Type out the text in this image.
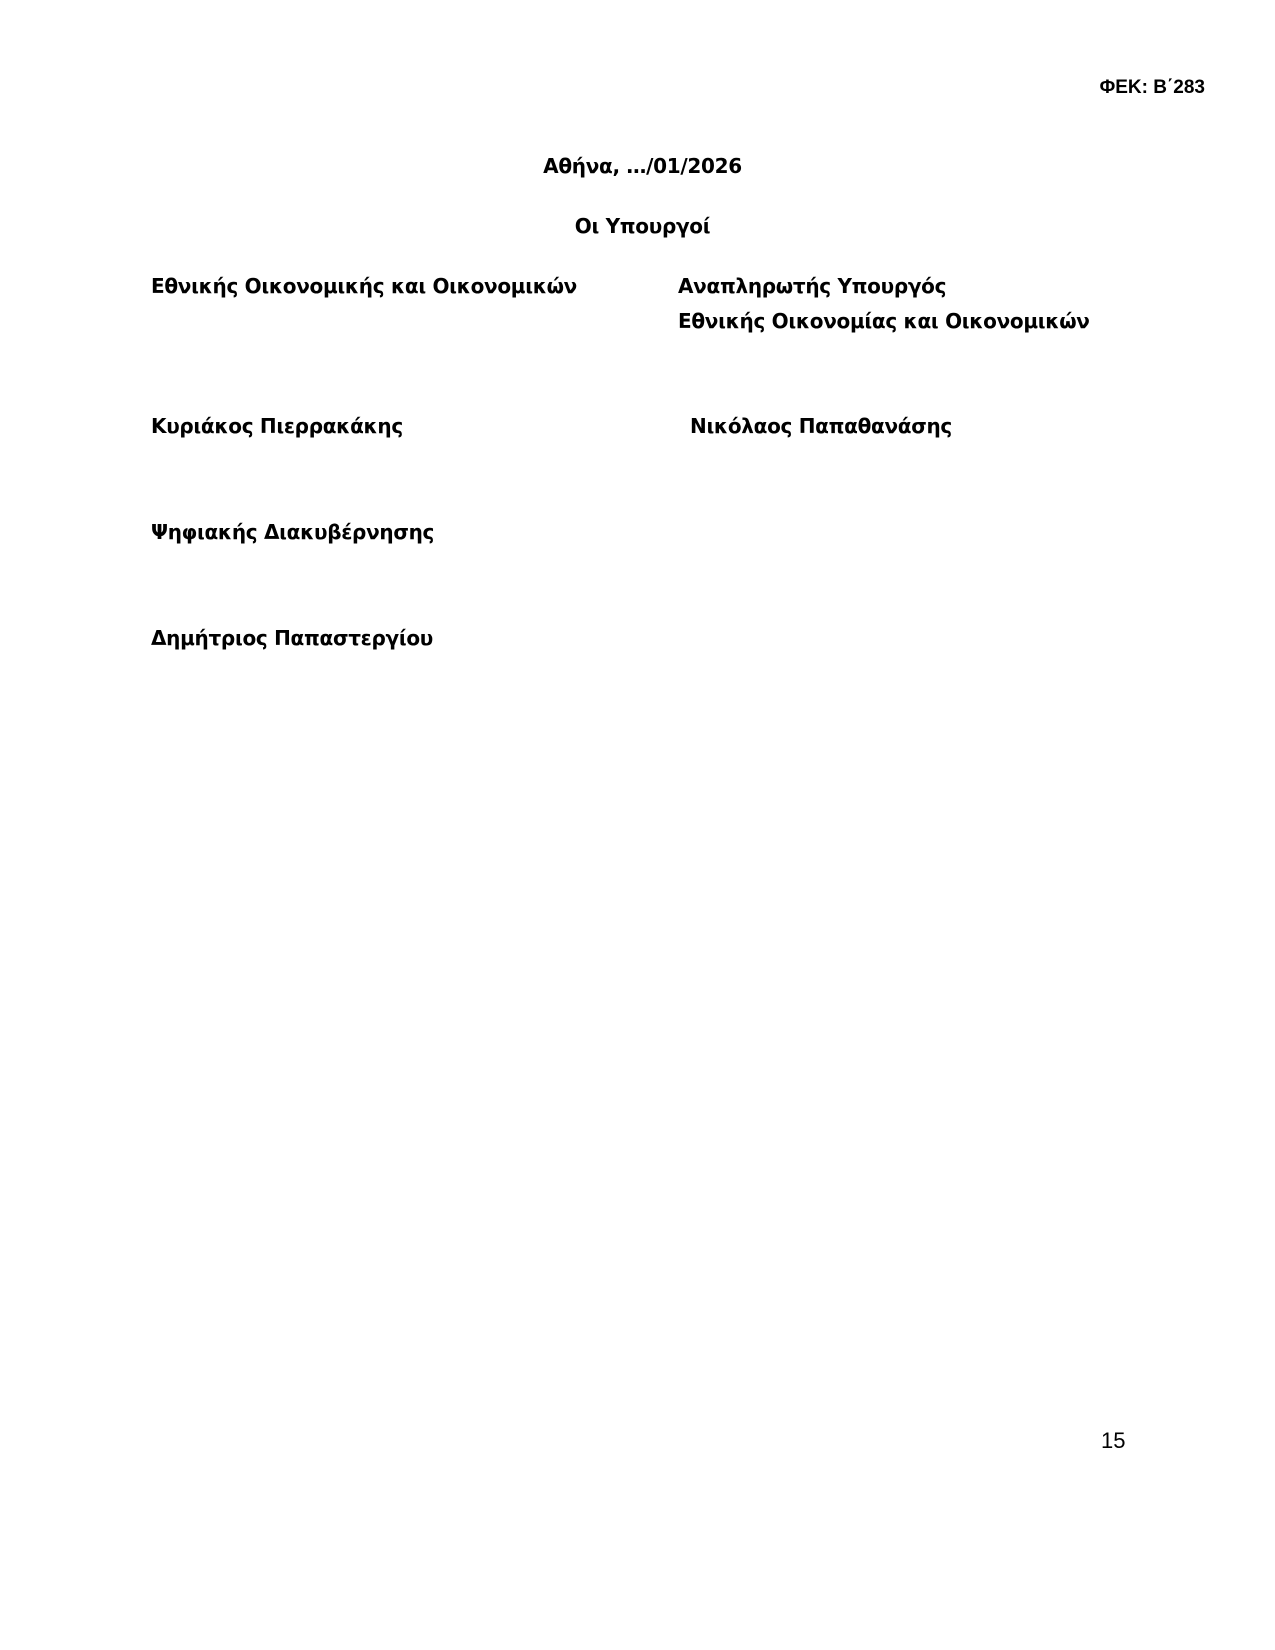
ΦΕΚ: Β΄283
Αθήνα, …/01/2026
Οι Υπουργοί
Εθνικής Οικονομικής και Οικονομικών	Αναπληρωτής Υπουργός
Εθνικής Οικονομίας και Οικονομικών
Κυριάκος Πιερρακάκης	Νικόλαος Παπαθανάσης
Ψηφιακής Διακυβέρνησης
Δημήτριος Παπαστεργίου
15
